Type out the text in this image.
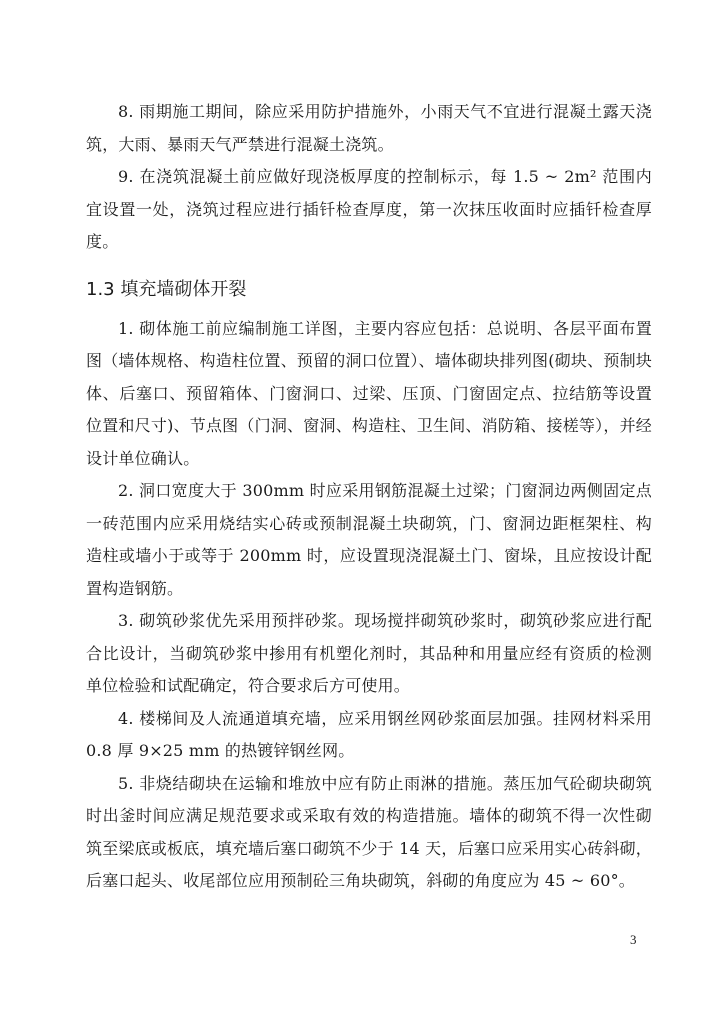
8. 雨期施工期间，除应采用防护措施外，小雨天气不宜进行混凝土露天浇筑，大雨、暴雨天气严禁进行混凝土浇筑。

9. 在浇筑混凝土前应做好现浇板厚度的控制标示，每 1.5 ~ 2m² 范围内宜设置一处，浇筑过程应进行插钎检查厚度，第一次抹压收面时应插钎检查厚度。

1.3 填充墙砌体开裂

1. 砌体施工前应编制施工详图，主要内容应包括：总说明、各层平面布置图（墙体规格、构造柱位置、预留的洞口位置）、墙体砌块排列图(砌块、预制块体、后塞口、预留箱体、门窗洞口、过梁、压顶、门窗固定点、拉结筋等设置位置和尺寸)、节点图（门洞、窗洞、构造柱、卫生间、消防箱、接槎等），并经设计单位确认。

2. 洞口宽度大于 300mm 时应采用钢筋混凝土过梁；门窗洞边两侧固定点一砖范围内应采用烧结实心砖或预制混凝土块砌筑，门、窗洞边距框架柱、构造柱或墙小于或等于 200mm 时，应设置现浇混凝土门、窗垛，且应按设计配置构造钢筋。

3. 砌筑砂浆优先采用预拌砂浆。现场搅拌砌筑砂浆时，砌筑砂浆应进行配合比设计，当砌筑砂浆中掺用有机塑化剂时，其品种和用量应经有资质的检测单位检验和试配确定，符合要求后方可使用。

4. 楼梯间及人流通道填充墙，应采用钢丝网砂浆面层加强。挂网材料采用 0.8 厚 9×25 mm 的热镀锌钢丝网。

5. 非烧结砌块在运输和堆放中应有防止雨淋的措施。蒸压加气砼砌块砌筑时出釜时间应满足规范要求或采取有效的构造措施。墙体的砌筑不得一次性砌筑至梁底或板底，填充墙后塞口砌筑不少于 14 天，后塞口应采用实心砖斜砌，后塞口起头、收尾部位应用预制砼三角块砌筑，斜砌的角度应为 45 ~ 60°。

3
